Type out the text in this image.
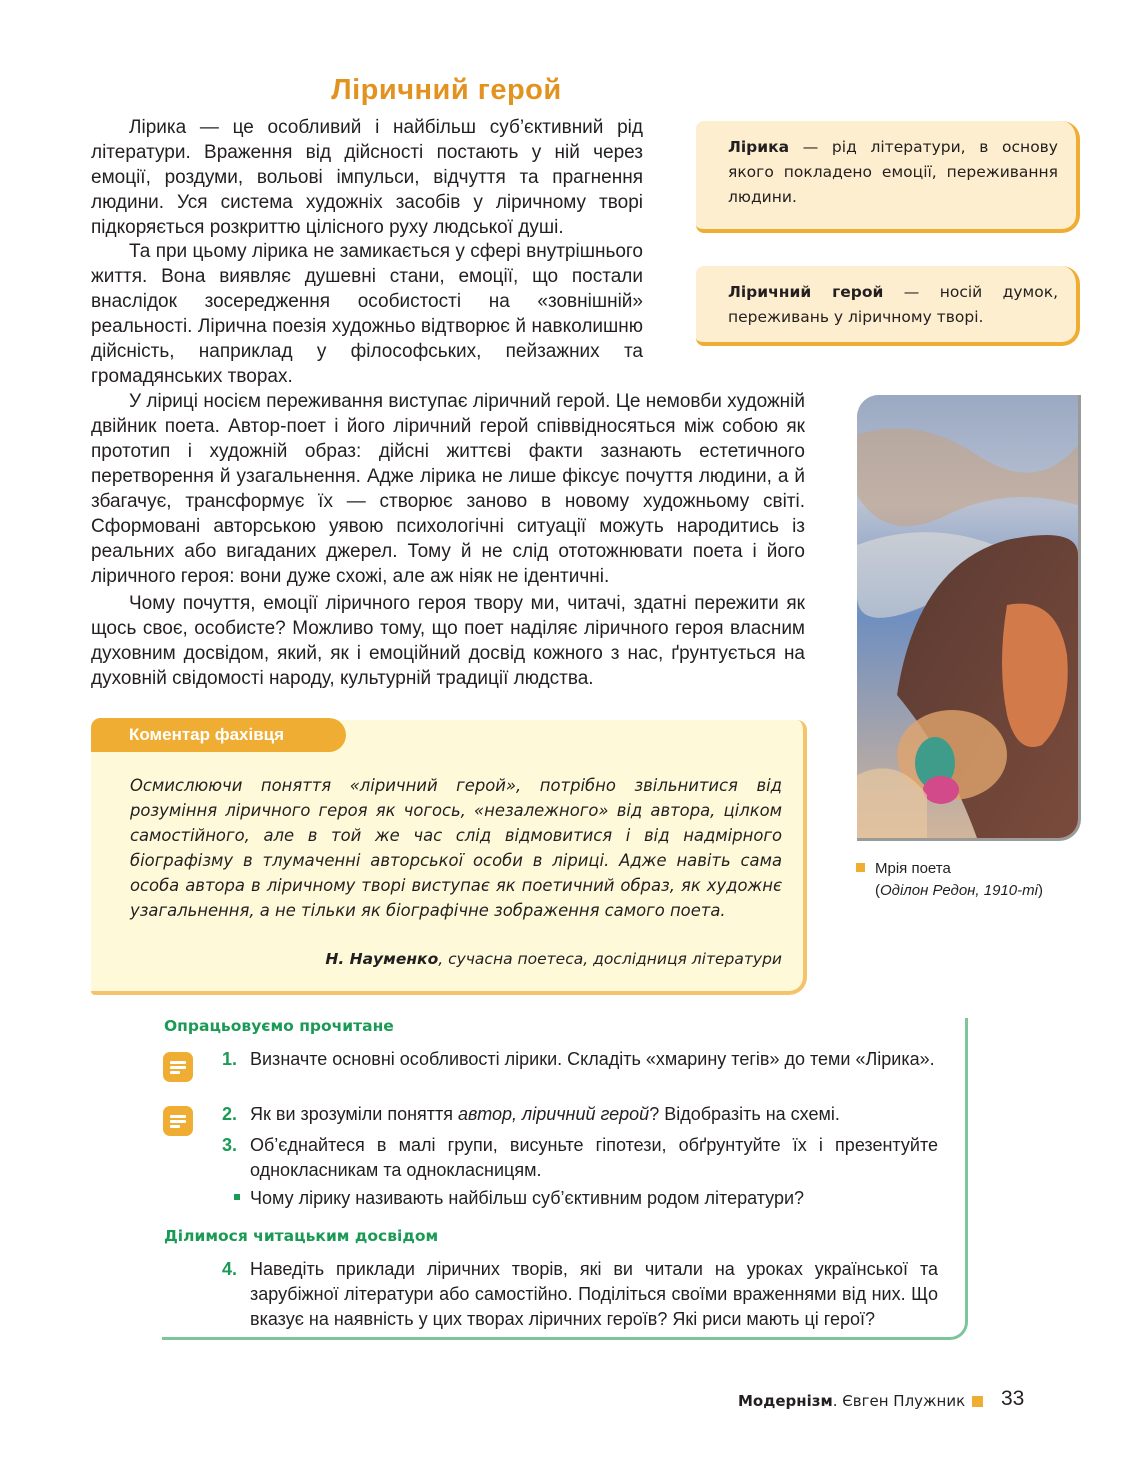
Ліричний герой

Лірика — це особливий і найбільш суб’єктивний рід літератури. Враження від дійсності постають у ній через емоції, роздуми, вольові імпульси, відчуття та прагнення людини. Уся система художніх засобів у ліричному творі підкоряється розкриттю цілісного руху людської душі.

Та при цьому лірика не замикається у сфері внутрішнього життя. Вона виявляє душевні стани, емоції, що постали внаслідок зосередження особистості на «зовнішній» реальності. Лірична поезія художньо відтворює й навколишню дійсність, наприклад у філософських, пейзажних та громадянських творах.

У ліриці носієм переживання виступає ліричний герой. Це немовби художній двійник поета. Автор-поет і його ліричний герой співвідносяться між собою як прототип і художній образ: дійсні життєві факти зазнають естетичного перетворення й узагальнення. Адже лірика не лише фіксує почуття людини, а й збагачує, трансформує їх — створює заново в новому художньому світі. Сформовані авторською уявою психологічні ситуації можуть народитись із реальних або вигаданих джерел. Тому й не слід ототожнювати поета і його ліричного героя: вони дуже схожі, але аж ніяк не ідентичні.

Чому почуття, емоції ліричного героя твору ми, читачі, здатні пережити як щось своє, особисте? Можливо тому, що поет наділяє ліричного героя власним духовним досвідом, який, як і емоційний досвід кожного з нас, ґрунтується на духовній свідомості народу, культурній традиції людства.

Лірика — рід літератури, в основу якого покладено емоції, переживання людини.
Ліричний герой — носій думок, переживань у ліричному творі.
Мрія поета
(Оділон Редон, 1910-ті)
Коментар фахівця

Осмислюючи поняття «ліричний герой», потрібно звільнитися від розуміння ліричного героя як чогось, «незалежного» від автора, цілком самостійного, але в той же час слід відмовитися і від надмірного біографізму в тлумаченні авторської особи в ліриці. Адже навіть сама особа автора в ліричному творі виступає як поетичний образ, як художнє узагальнення, а не тільки як біографічне зображення самого поета.

Н. Науменко, сучасна поетеса, дослідниця літератури

Опрацьовуємо прочитане
1. Визначте основні особливості лірики. Складіть «хмарину тегів» до теми «Лірика».

2. Як ви зрозуміли поняття автор, ліричний герой? Відобразіть на схемі.

3. Об’єднайтеся в малі групи, висуньте гіпотези, обґрунтуйте їх і презентуйте однокласникам та однокласницям.

Чому лірику називають найбільш суб’єктивним родом літератури?
Ділимося читацьким досвідом
4. Наведіть приклади ліричних творів, які ви читали на уроках української та зарубіжної літератури або самостійно. Поділіться своїми враженнями від них. Що вказує на наявність у цих творах ліричних героїв? Які риси мають ці герої?

Модернізм. Євген Плужник 33
